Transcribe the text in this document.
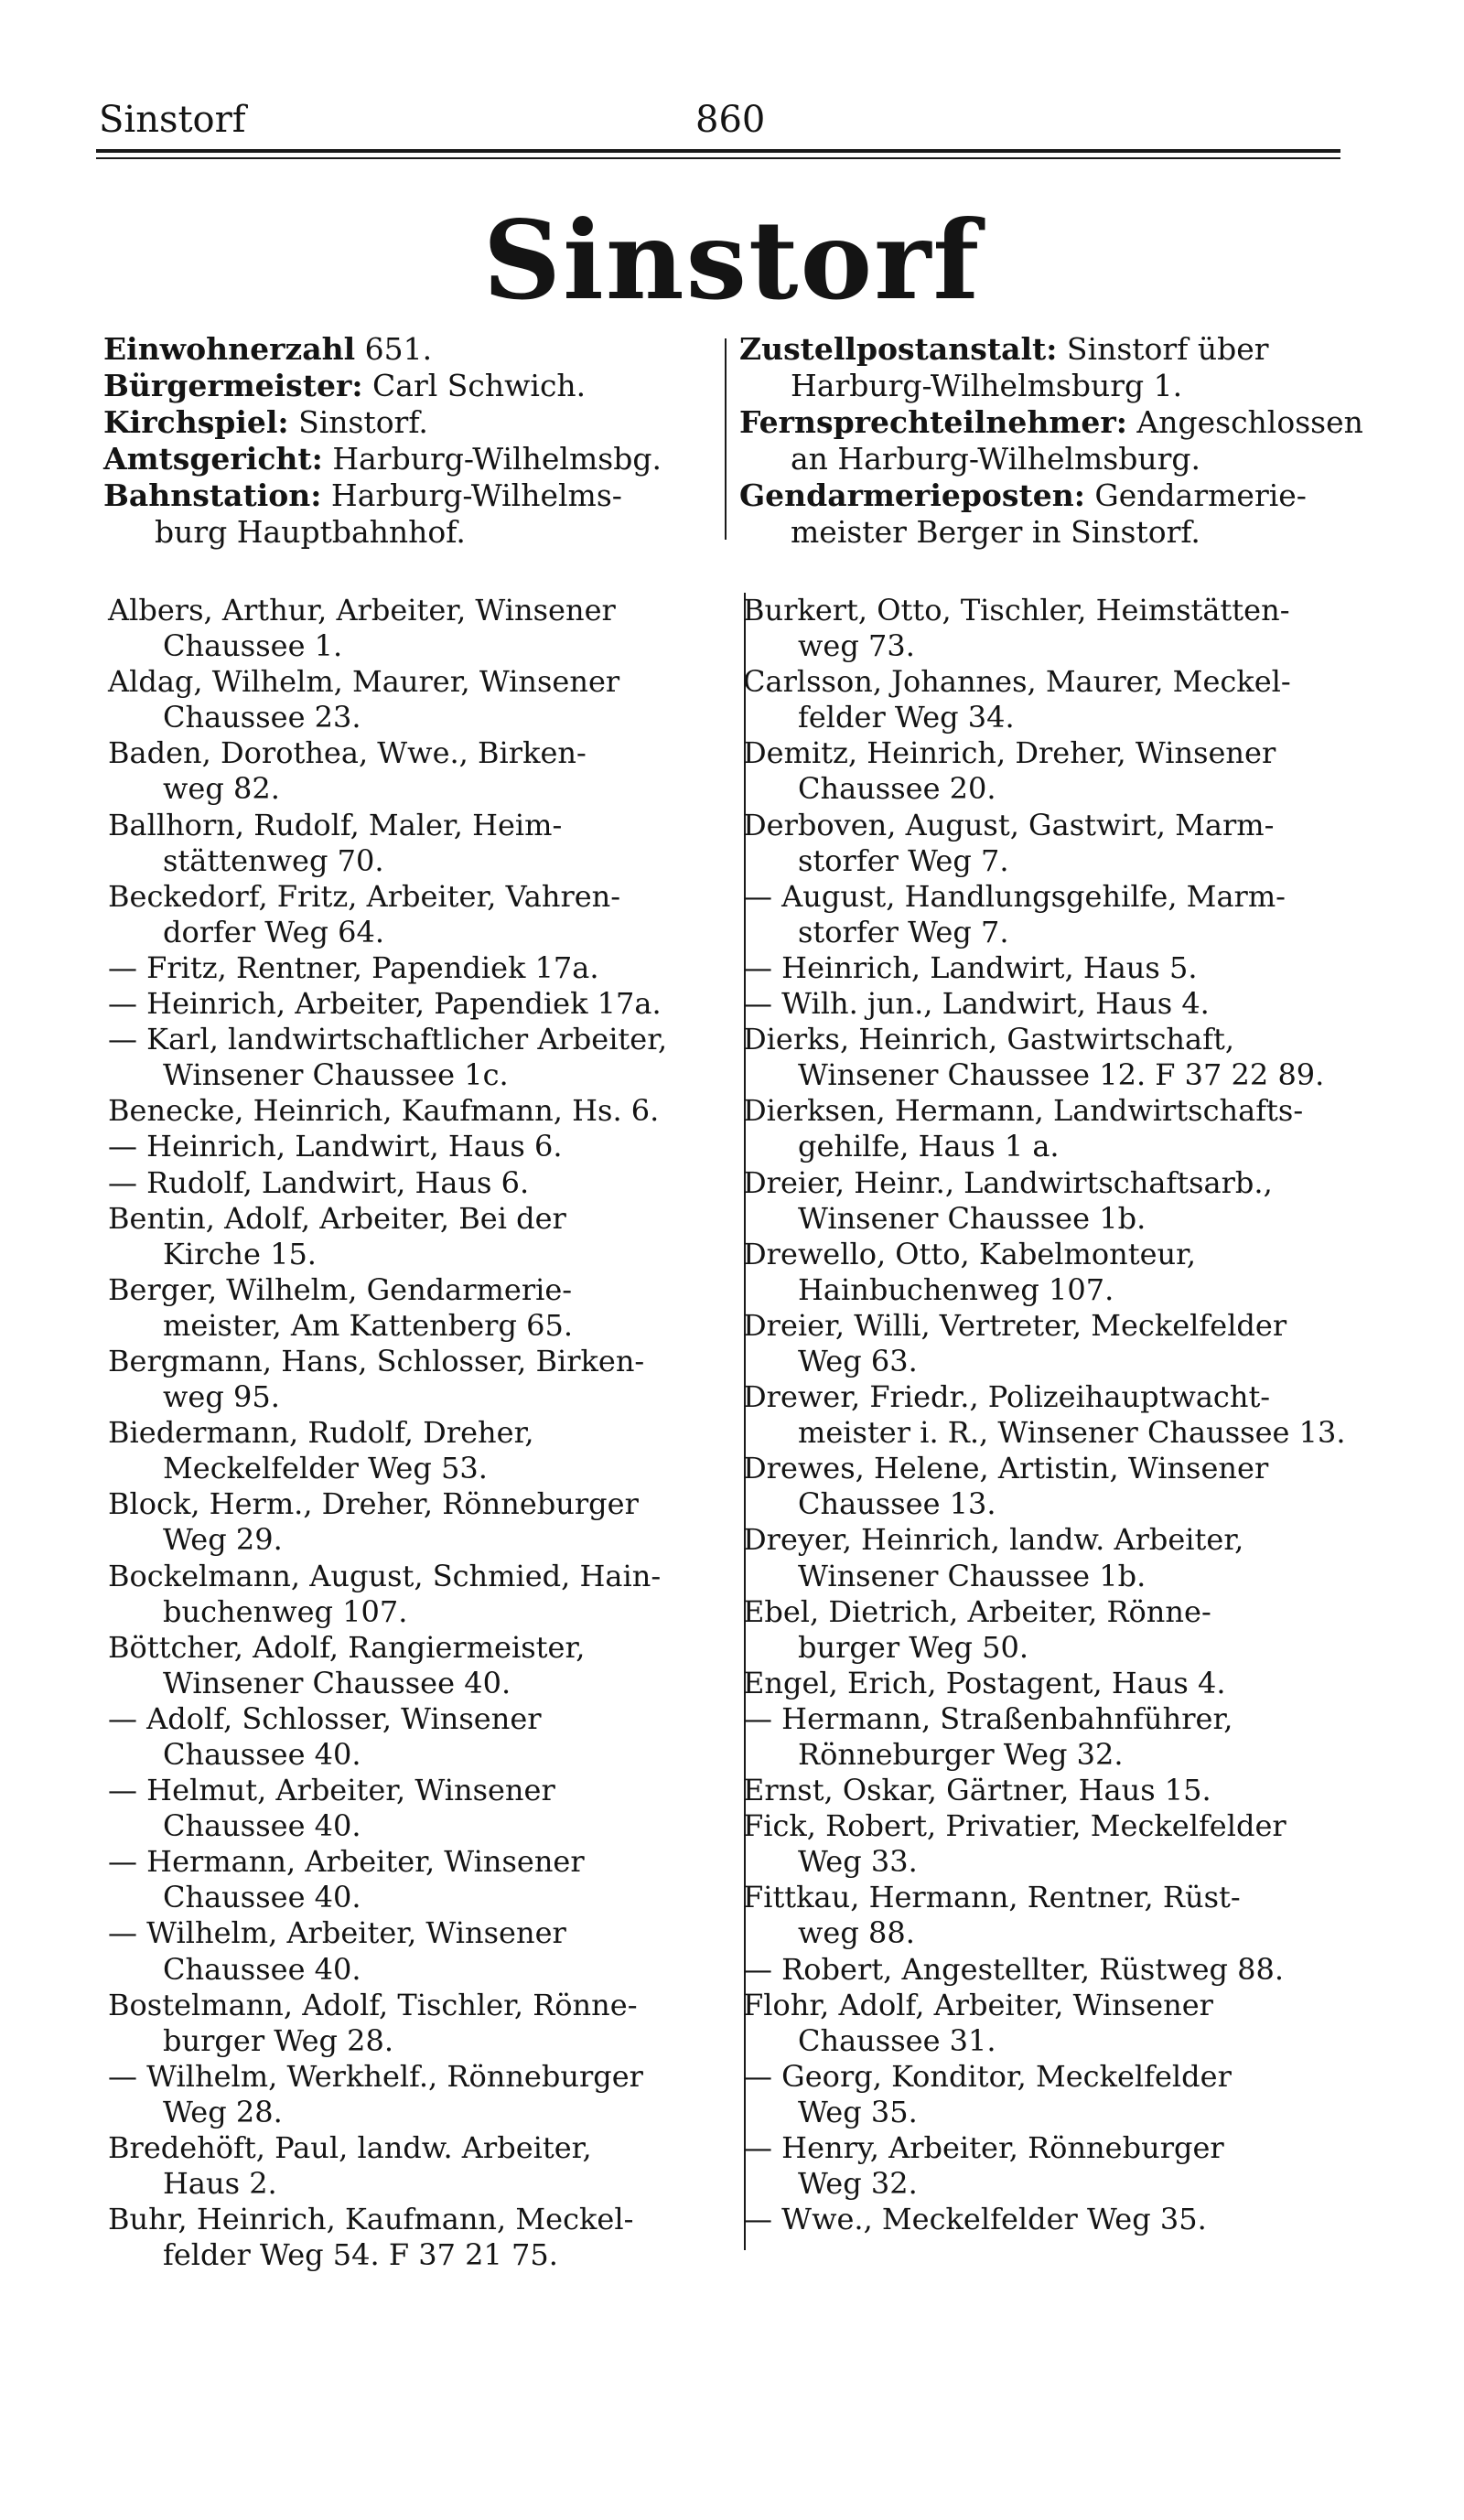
Sinstorf	860
Sinstorf
Einwohnerzahl 651.
Bürgermeister: Carl Schwich.
Kirchspiel: Sinstorf.
Amtsgericht: Harburg-Wilhelmsbg.
Bahnstation: Harburg-Wilhelms-
burg Hauptbahnhof.
Zustellpostanstalt: Sinstorf über
Harburg-Wilhelmsburg 1.
Fernsprechteilnehmer: Angeschlossen
an Harburg-Wilhelmsburg.
Gendarmerieposten: Gendarmerie-
meister Berger in Sinstorf.
Albers, Arthur, Arbeiter, Winsener
Chaussee 1.
Aldag, Wilhelm, Maurer, Winsener
Chaussee 23.
Baden, Dorothea, Wwe., Birken-
weg 82.
Ballhorn, Rudolf, Maler, Heim-
stättenweg 70.
Beckedorf, Fritz, Arbeiter, Vahren-
dorfer Weg 64.
— Fritz, Rentner, Papendiek 17a.
— Heinrich, Arbeiter, Papendiek 17a.
— Karl, landwirtschaftlicher Arbeiter,
Winsener Chaussee 1c.
Benecke, Heinrich, Kaufmann, Hs. 6.
— Heinrich, Landwirt, Haus 6.
— Rudolf, Landwirt, Haus 6.
Bentin, Adolf, Arbeiter, Bei der
Kirche 15.
Berger, Wilhelm, Gendarmerie-
meister, Am Kattenberg 65.
Bergmann, Hans, Schlosser, Birken-
weg 95.
Biedermann, Rudolf, Dreher,
Meckelfelder Weg 53.
Block, Herm., Dreher, Rönneburger
Weg 29.
Bockelmann, August, Schmied, Hain-
buchenweg 107.
Böttcher, Adolf, Rangiermeister,
Winsener Chaussee 40.
— Adolf, Schlosser, Winsener
Chaussee 40.
— Helmut, Arbeiter, Winsener
Chaussee 40.
— Hermann, Arbeiter, Winsener
Chaussee 40.
— Wilhelm, Arbeiter, Winsener
Chaussee 40.
Bostelmann, Adolf, Tischler, Rönne-
burger Weg 28.
— Wilhelm, Werkhelf., Rönneburger
Weg 28.
Bredehöft, Paul, landw. Arbeiter,
Haus 2.
Buhr, Heinrich, Kaufmann, Meckel-
felder Weg 54. F 37 21 75.
Burkert, Otto, Tischler, Heimstätten-
weg 73.
Carlsson, Johannes, Maurer, Meckel-
felder Weg 34.
Demitz, Heinrich, Dreher, Winsener
Chaussee 20.
Derboven, August, Gastwirt, Marm-
storfer Weg 7.
— August, Handlungsgehilfe, Marm-
storfer Weg 7.
— Heinrich, Landwirt, Haus 5.
— Wilh. jun., Landwirt, Haus 4.
Dierks, Heinrich, Gastwirtschaft,
Winsener Chaussee 12. F 37 22 89.
Dierksen, Hermann, Landwirtschafts-
gehilfe, Haus 1 a.
Dreier, Heinr., Landwirtschaftsarb.,
Winsener Chaussee 1b.
Drewello, Otto, Kabelmonteur,
Hainbuchenweg 107.
Dreier, Willi, Vertreter, Meckelfelder
Weg 63.
Drewer, Friedr., Polizeihauptwacht-
meister i. R., Winsener Chaussee 13.
Drewes, Helene, Artistin, Winsener
Chaussee 13.
Dreyer, Heinrich, landw. Arbeiter,
Winsener Chaussee 1b.
Ebel, Dietrich, Arbeiter, Rönne-
burger Weg 50.
Engel, Erich, Postagent, Haus 4.
— Hermann, Straßenbahnführer,
Rönneburger Weg 32.
Ernst, Oskar, Gärtner, Haus 15.
Fick, Robert, Privatier, Meckelfelder
Weg 33.
Fittkau, Hermann, Rentner, Rüst-
weg 88.
— Robert, Angestellter, Rüstweg 88.
Flohr, Adolf, Arbeiter, Winsener
Chaussee 31.
— Georg, Konditor, Meckelfelder
Weg 35.
— Henry, Arbeiter, Rönneburger
Weg 32.
— Wwe., Meckelfelder Weg 35.
